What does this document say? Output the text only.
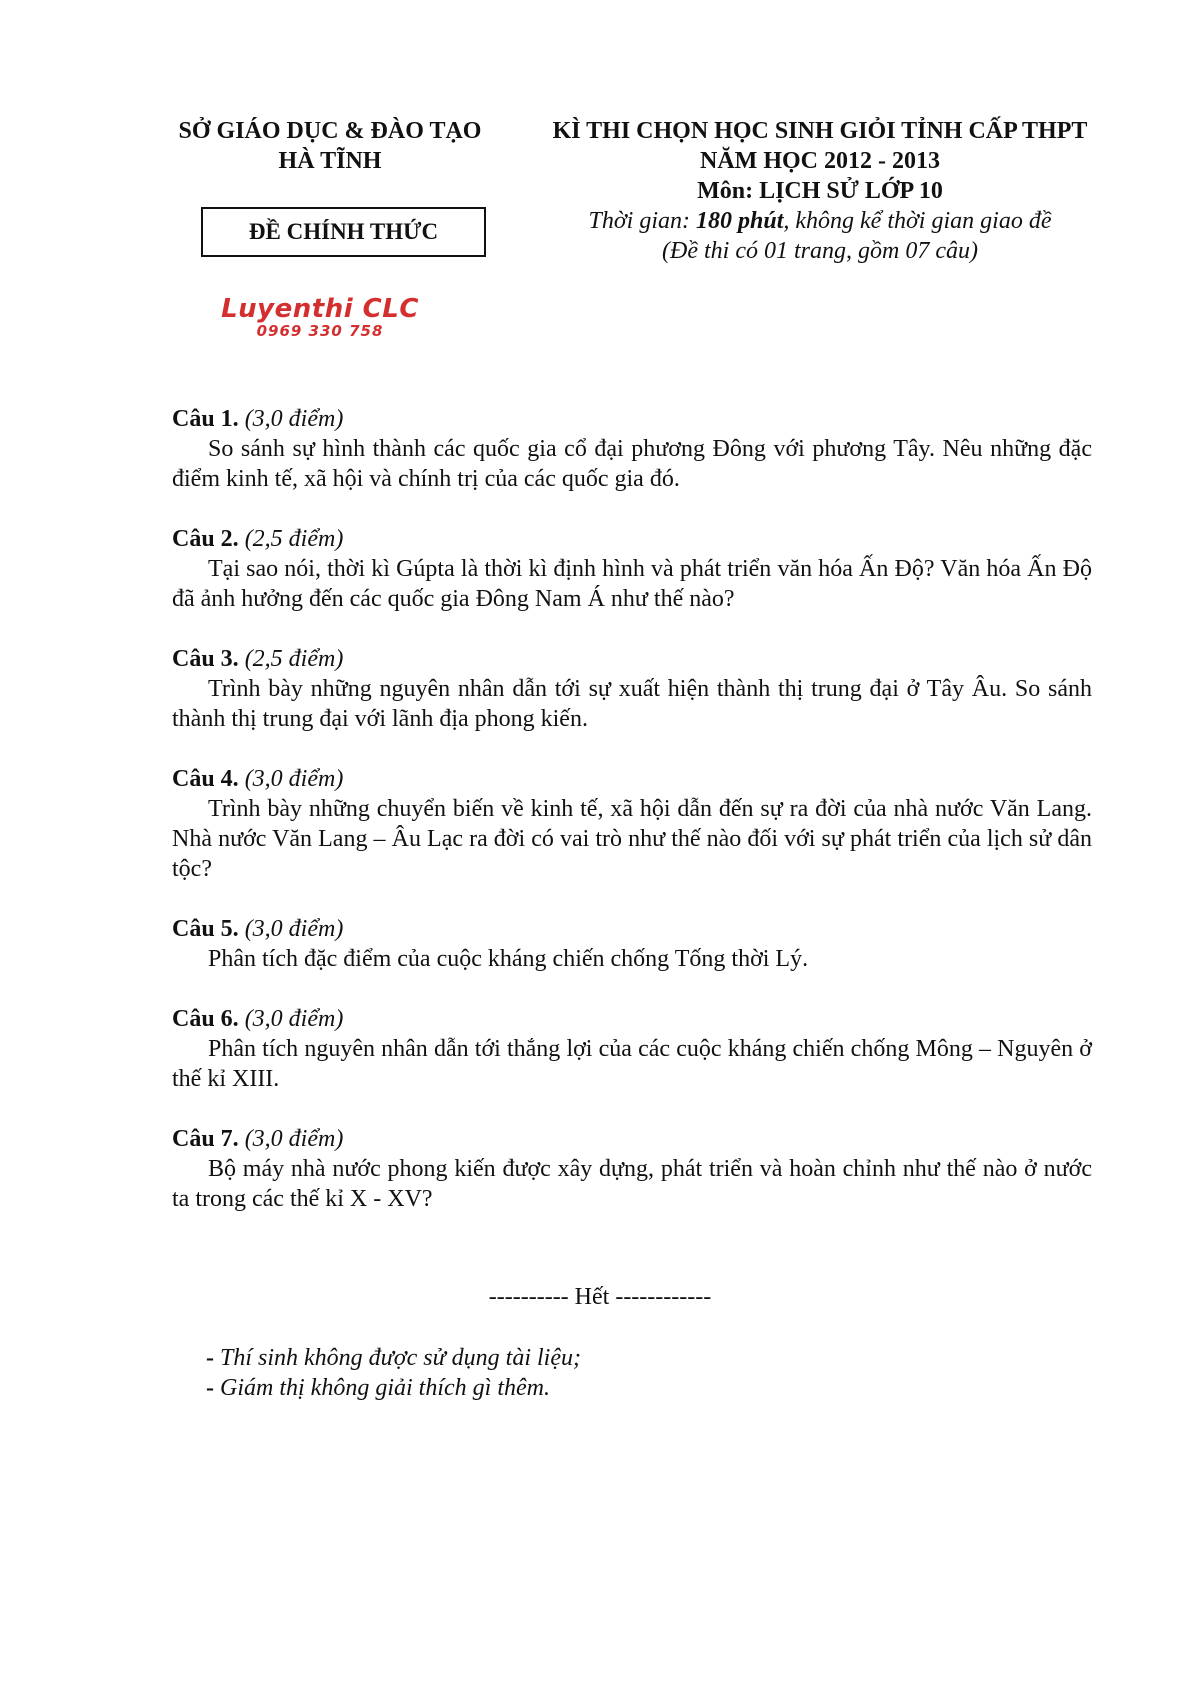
SỞ GIÁO DỤC & ĐÀO TẠO
HÀ TĨNH
ĐỀ CHÍNH THỨC
Luyenthi CLC
0969 330 758
KÌ THI CHỌN HỌC SINH GIỎI TỈNH CẤP THPT
NĂM HỌC 2012 - 2013
Môn: LỊCH SỬ LỚP 10
Thời gian: 180 phút, không kể thời gian giao đề
(Đề thi có 01 trang, gồm 07 câu)
Câu 1. (3,0 điểm)
So sánh sự hình thành các quốc gia cổ đại phương Đông với phương Tây. Nêu những đặc điểm kinh tế, xã hội và chính trị của các quốc gia đó.
Câu 2. (2,5 điểm)
Tại sao nói, thời kì Gúpta là thời kì định hình và phát triển văn hóa Ấn Độ? Văn hóa Ấn Độ đã ảnh hưởng đến các quốc gia Đông Nam Á như thế nào?
Câu 3. (2,5 điểm)
Trình bày những nguyên nhân dẫn tới sự xuất hiện thành thị trung đại ở Tây Âu. So sánh thành thị trung đại với lãnh địa phong kiến.
Câu 4. (3,0 điểm)
Trình bày những chuyển biến về kinh tế, xã hội dẫn đến sự ra đời của nhà nước Văn Lang. Nhà nước Văn Lang – Âu Lạc ra đời có vai trò như thế nào đối với sự phát triển của lịch sử dân tộc?
Câu 5. (3,0 điểm)
Phân tích đặc điểm của cuộc kháng chiến chống Tống thời Lý.
Câu 6. (3,0 điểm)
Phân tích nguyên nhân dẫn tới thắng lợi của các cuộc kháng chiến chống Mông – Nguyên ở thế kỉ XIII.
Câu 7. (3,0 điểm)
Bộ máy nhà nước phong kiến được xây dựng, phát triển và hoàn chỉnh như thế nào ở nước ta trong các thế kỉ X - XV?
---------- Hết ------------
- Thí sinh không được sử dụng tài liệu;
- Giám thị không giải thích gì thêm.
